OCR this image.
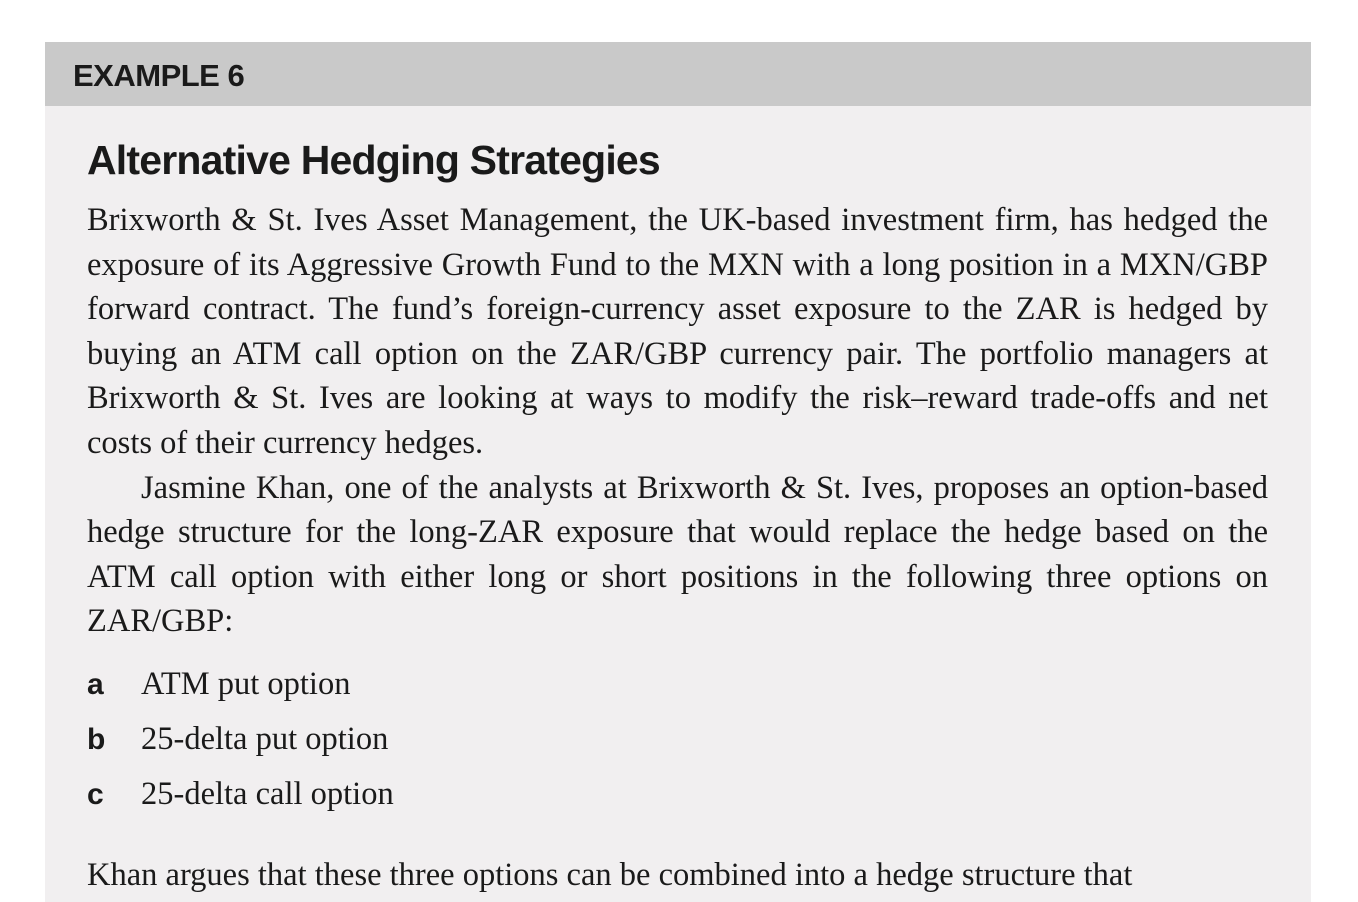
EXAMPLE 6
Alternative Hedging Strategies

Brixworth & St. Ives Asset Management, the UK-based investment firm, has hedged the exposure of its Aggressive Growth Fund to the MXN with a long position in a MXN/GBP forward contract. The fund’s foreign-currency asset exposure to the ZAR is hedged by buying an ATM call option on the ZAR/GBP currency pair. The portfolio managers at Brixworth & St. Ives are looking at ways to modify the risk–reward trade-offs and net costs of their currency hedges.

Jasmine Khan, one of the analysts at Brixworth & St. Ives, proposes an option-based hedge structure for the long-ZAR exposure that would replace the hedge based on the ATM call option with either long or short positions in the following three options on ZAR/GBP:

a	ATM put option
b	25-delta put option
c	25-delta call option

Khan argues that these three options can be combined into a hedge structure that
